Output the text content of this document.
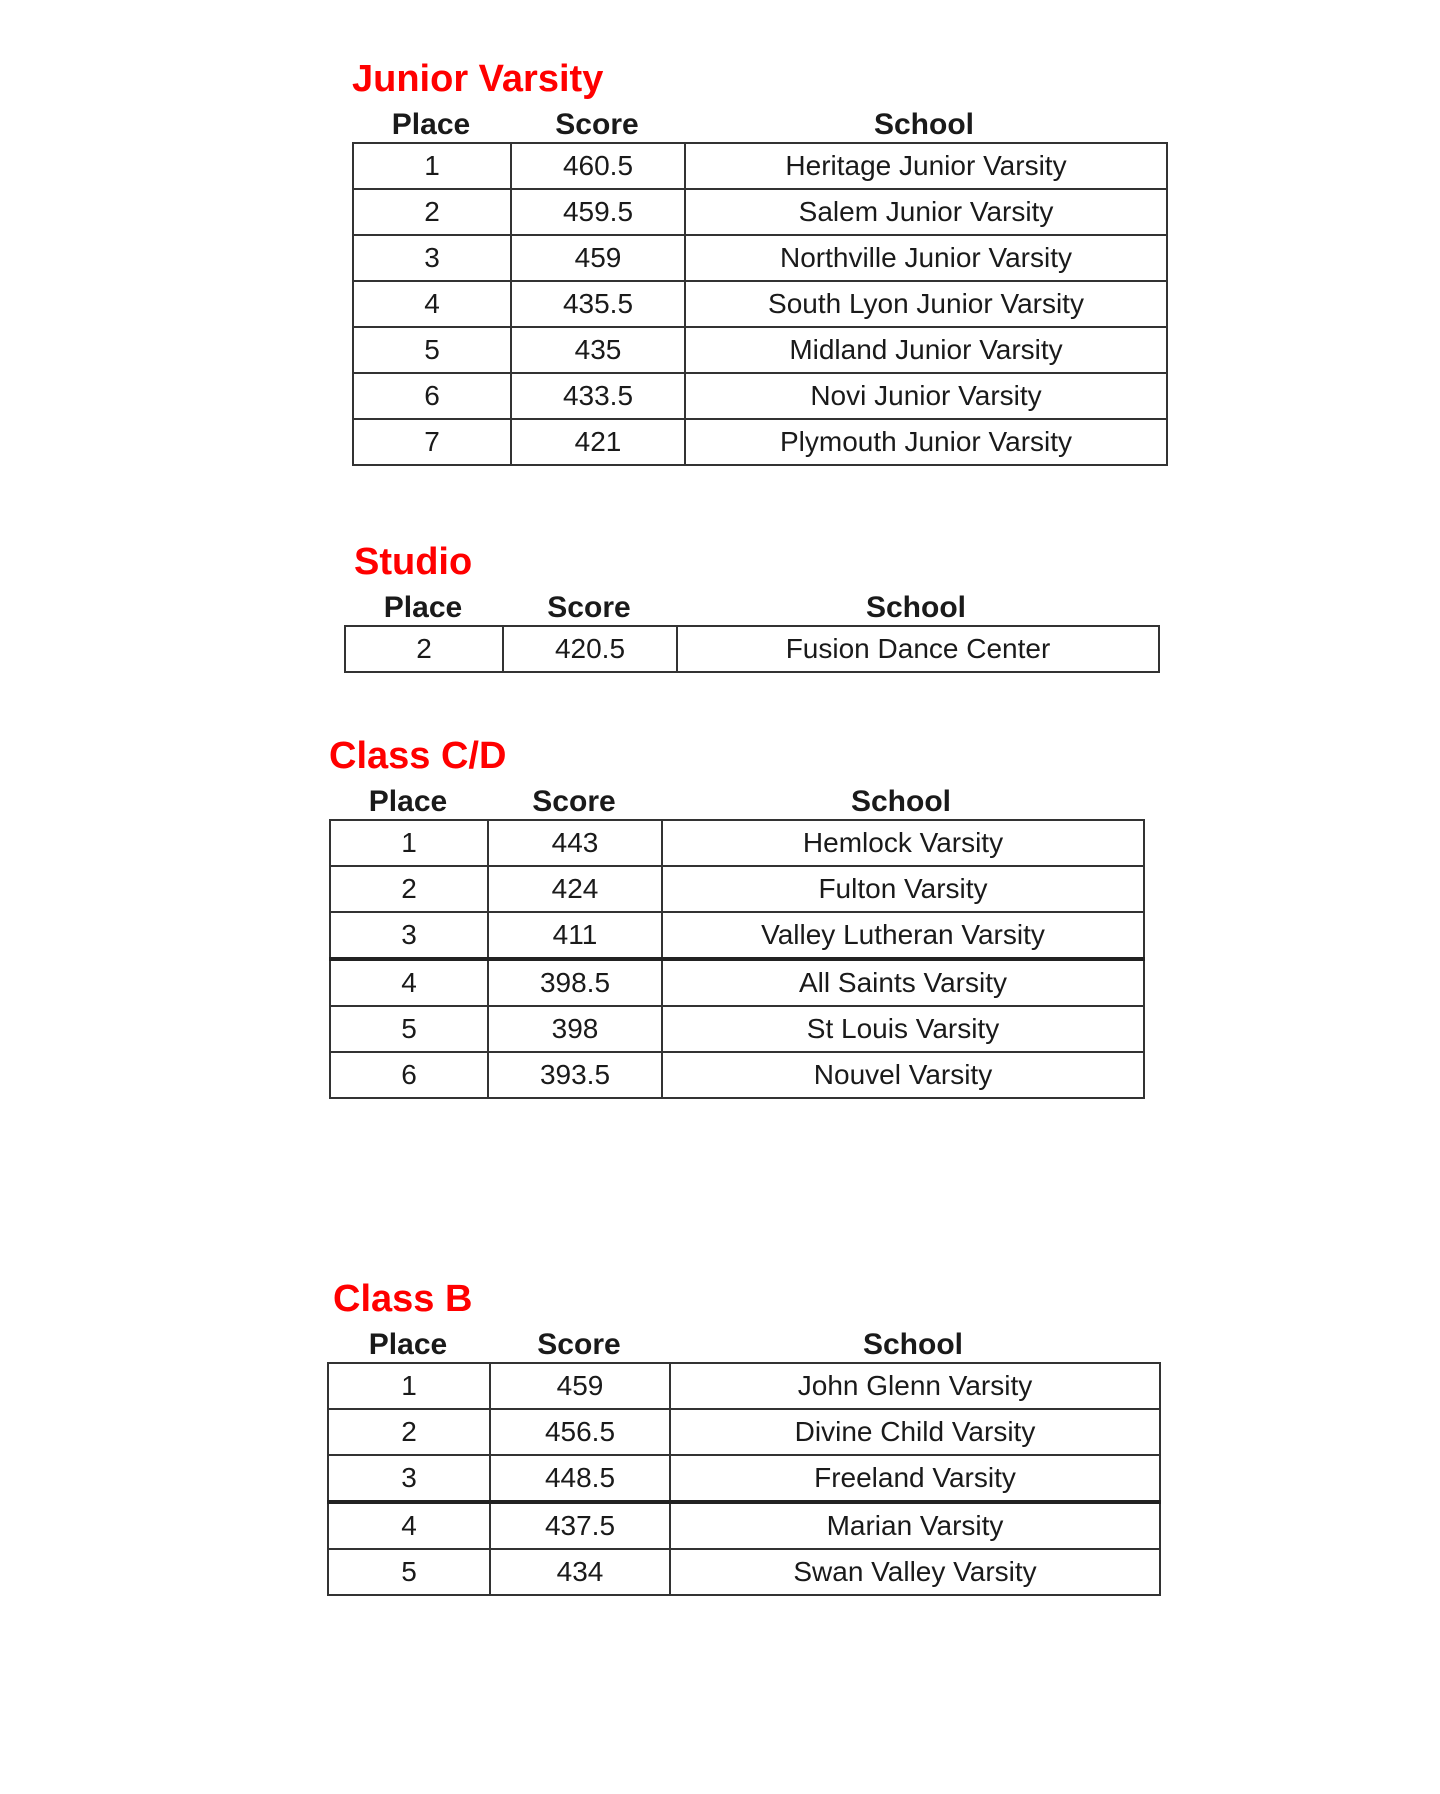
Junior Varsity
Place	Score	School
1	460.5	Heritage Junior Varsity
2	459.5	Salem Junior Varsity
3	459	Northville Junior Varsity
4	435.5	South Lyon Junior Varsity
5	435	Midland Junior Varsity
6	433.5	Novi Junior Varsity
7	421	Plymouth Junior Varsity
Studio
Place	Score	School
2	420.5	Fusion Dance Center
Class C/D
Place	Score	School
1	443	Hemlock Varsity
2	424	Fulton Varsity
3	411	Valley Lutheran Varsity
4	398.5	All Saints Varsity
5	398	St Louis Varsity
6	393.5	Nouvel Varsity
Class B
Place	Score	School
1	459	John Glenn Varsity
2	456.5	Divine Child Varsity
3	448.5	Freeland Varsity
4	437.5	Marian Varsity
5	434	Swan Valley Varsity
